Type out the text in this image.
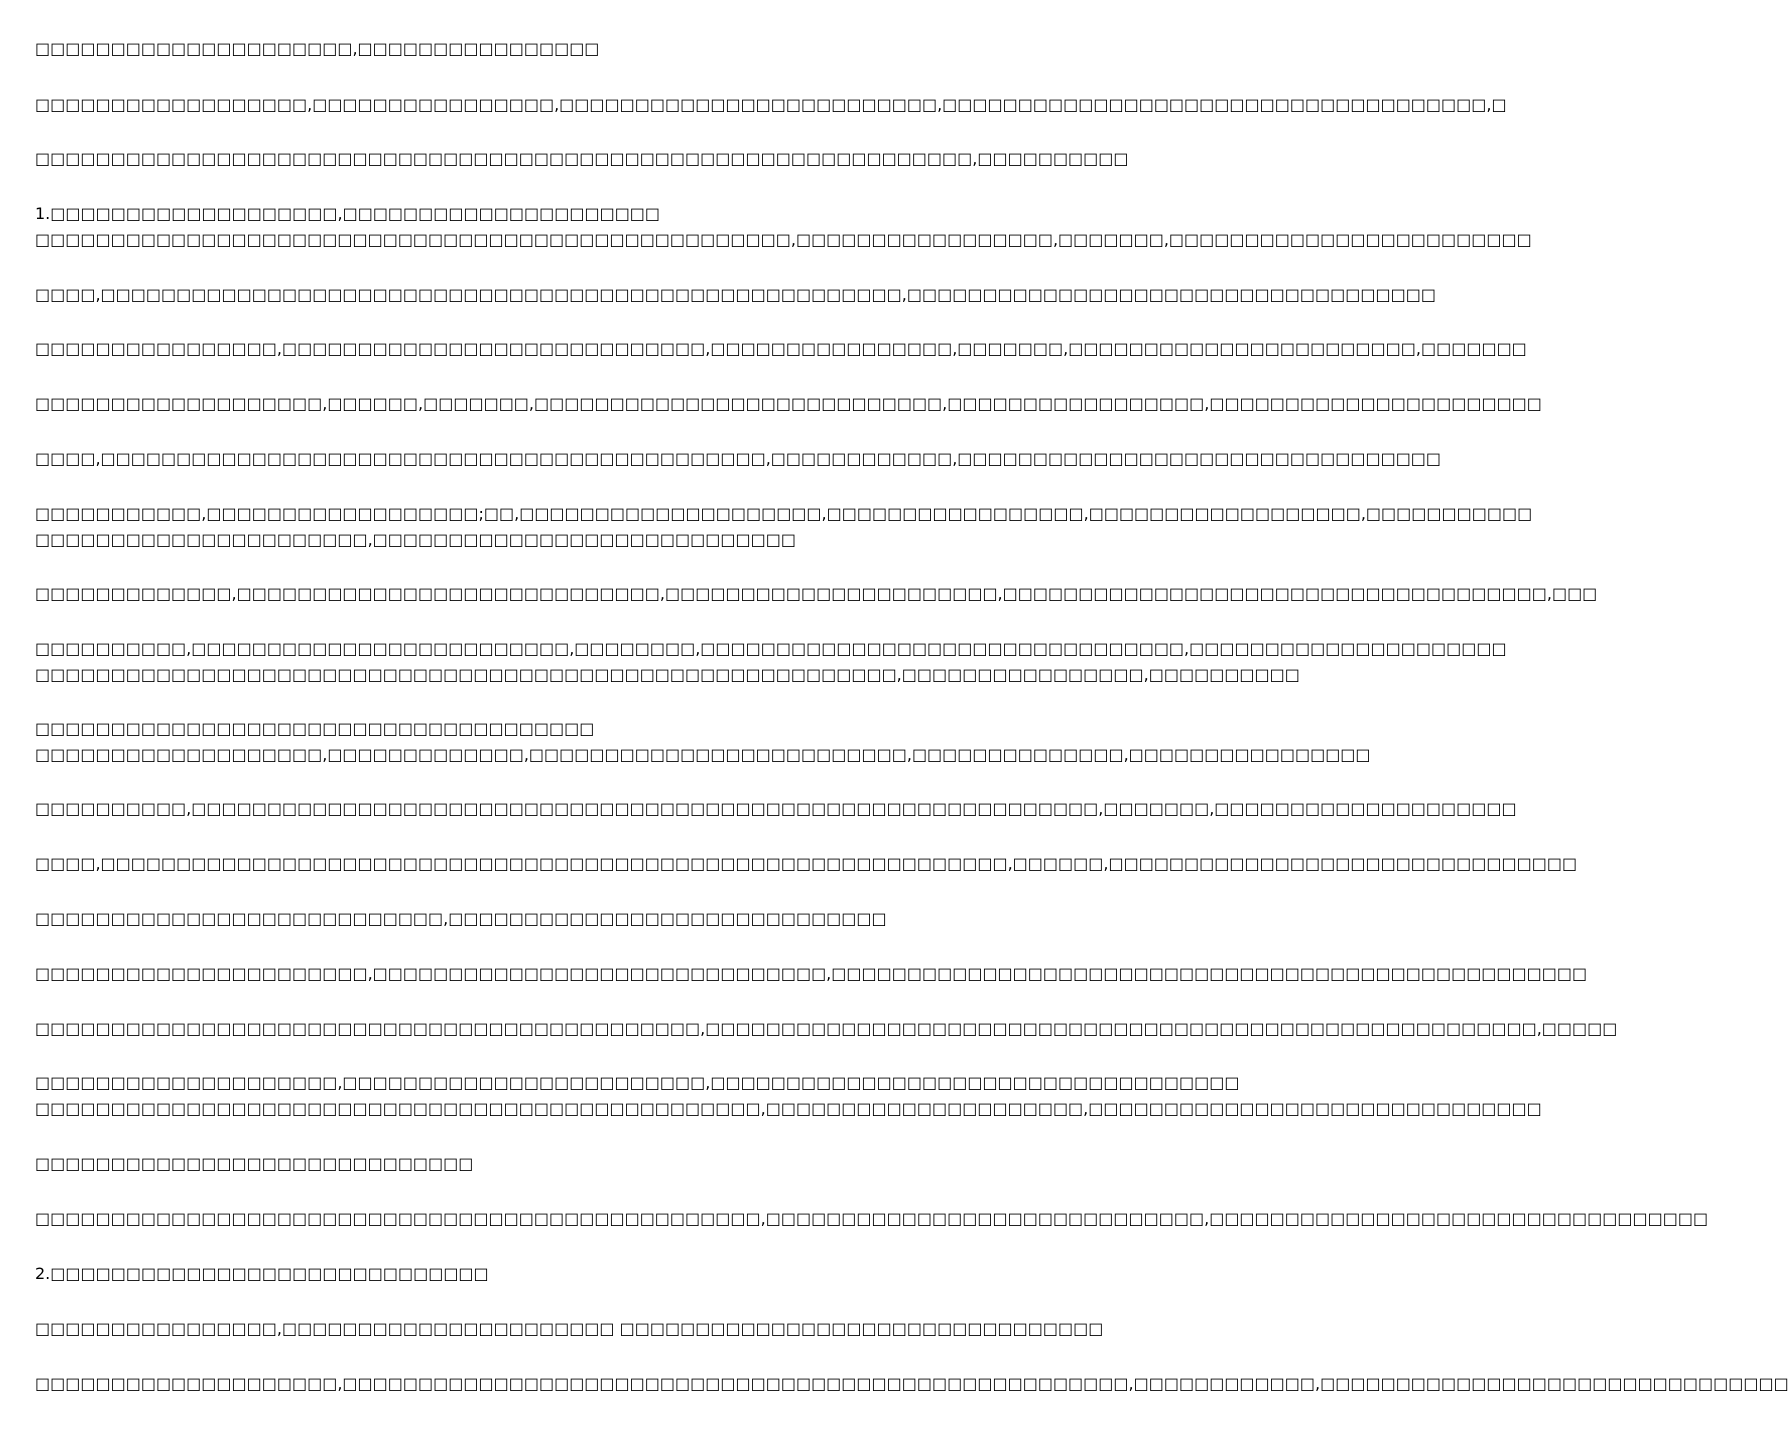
□□□□□□□□□□□□□□□□□□□□□,□□□□□□□□□□□□□□□□
□□□□□□□□□□□□□□□□□□,□□□□□□□□□□□□□□□□,□□□□□□□□□□□□□□□□□□□□□□□□□,□□□□□□□□□□□□□□□□□□□□□□□□□□□□□□□□□□□□,□
□□□□□□□□□□□□□□□□□□□□□□□□□□□□□□□□□□□□□□□□□□□□□□□□□□□□□□□□□□□□□□,□□□□□□□□□□
1.□□□□□□□□□□□□□□□□□□□,□□□□□□□□□□□□□□□□□□□□□
□□□□□□□□□□□□□□□□□□□□□□□□□□□□□□□□□□□□□□□□□□□□□□□□□□,□□□□□□□□□□□□□□□□□,□□□□□□□,□□□□□□□□□□□□□□□□□□□□□□□□
□□□□,□□□□□□□□□□□□□□□□□□□□□□□□□□□□□□□□□□□□□□□□□□□□□□□□□□□□□,□□□□□□□□□□□□□□□□□□□□□□□□□□□□□□□□□□□
□□□□□□□□□□□□□□□□,□□□□□□□□□□□□□□□□□□□□□□□□□□□□,□□□□□□□□□□□□□□□□,□□□□□□□,□□□□□□□□□□□□□□□□□□□□□□□,□□□□□□□
□□□□□□□□□□□□□□□□□□□,□□□□□□,□□□□□□□,□□□□□□□□□□□□□□□□□□□□□□□□□□□,□□□□□□□□□□□□□□□□□,□□□□□□□□□□□□□□□□□□□□□□
□□□□,□□□□□□□□□□□□□□□□□□□□□□□□□□□□□□□□□□□□□□□□□□□□,□□□□□□□□□□□□,□□□□□□□□□□□□□□□□□□□□□□□□□□□□□□□□
□□□□□□□□□□□,□□□□□□□□□□□□□□□□□□;□□,□□□□□□□□□□□□□□□□□□□□,□□□□□□□□□□□□□□□□□,□□□□□□□□□□□□□□□□□□,□□□□□□□□□□□
□□□□□□□□□□□□□□□□□□□□□□,□□□□□□□□□□□□□□□□□□□□□□□□□□□□
□□□□□□□□□□□□□,□□□□□□□□□□□□□□□□□□□□□□□□□□□□,□□□□□□□□□□□□□□□□□□□□□□,□□□□□□□□□□□□□□□□□□□□□□□□□□□□□□□□□□□□,□□□
□□□□□□□□□□,□□□□□□□□□□□□□□□□□□□□□□□□□,□□□□□□□□,□□□□□□□□□□□□□□□□□□□□□□□□□□□□□□□□,□□□□□□□□□□□□□□□□□□□□□
□□□□□□□□□□□□□□□□□□□□□□□□□□□□□□□□□□□□□□□□□□□□□□□□□□□□□□□□□,□□□□□□□□□□□□□□□□,□□□□□□□□□□
□□□□□□□□□□□□□□□□□□□□□□□□□□□□□□□□□□□□□
□□□□□□□□□□□□□□□□□□□,□□□□□□□□□□□□□,□□□□□□□□□□□□□□□□□□□□□□□□□,□□□□□□□□□□□□□□,□□□□□□□□□□□□□□□□
□□□□□□□□□□,□□□□□□□□□□□□□□□□□□□□□□□□□□□□□□□□□□□□□□□□□□□□□□□□□□□□□□□□□□□□,□□□□□□□,□□□□□□□□□□□□□□□□□□□□
□□□□,□□□□□□□□□□□□□□□□□□□□□□□□□□□□□□□□□□□□□□□□□□□□□□□□□□□□□□□□□□□□,□□□□□□,□□□□□□□□□□□□□□□□□□□□□□□□□□□□□□□
□□□□□□□□□□□□□□□□□□□□□□□□□□□,□□□□□□□□□□□□□□□□□□□□□□□□□□□□□
□□□□□□□□□□□□□□□□□□□□□□,□□□□□□□□□□□□□□□□□□□□□□□□□□□□□□,□□□□□□□□□□□□□□□□□□□□□□□□□□□□□□□□□□□□□□□□□□□□□□□□□□
□□□□□□□□□□□□□□□□□□□□□□□□□□□□□□□□□□□□□□□□□□□□,□□□□□□□□□□□□□□□□□□□□□□□□□□□□□□□□□□□□□□□□□□□□□□□□□□□□□□□,□□□□□
□□□□□□□□□□□□□□□□□□□□,□□□□□□□□□□□□□□□□□□□□□□□□,□□□□□□□□□□□□□□□□□□□□□□□□□□□□□□□□□□□
□□□□□□□□□□□□□□□□□□□□□□□□□□□□□□□□□□□□□□□□□□□□□□□□,□□□□□□□□□□□□□□□□□□□□□,□□□□□□□□□□□□□□□□□□□□□□□□□□□□□□
□□□□□□□□□□□□□□□□□□□□□□□□□□□□□
□□□□□□□□□□□□□□□□□□□□□□□□□□□□□□□□□□□□□□□□□□□□□□□□,□□□□□□□□□□□□□□□□□□□□□□□□□□□□□,□□□□□□□□□□□□□□□□□□□□□□□□□□□□□□□□□
2.□□□□□□□□□□□□□□□□□□□□□□□□□□□□□
□□□□□□□□□□□□□□□□,□□□□□□□□□□□□□□□□□□□□□□ □□□□□□□□□□□□□□□□□□□□□□□□□□□□□□□□
□□□□□□□□□□□□□□□□□□□□,□□□□□□□□□□□□□□□□□□□□□□□□□□□□□□□□□□□□□□□□□□□□□□□□□□□□,□□□□□□□□□□□□,□□□□□□□□□□□□□□□□□□□□□□□□□□□□□□□
